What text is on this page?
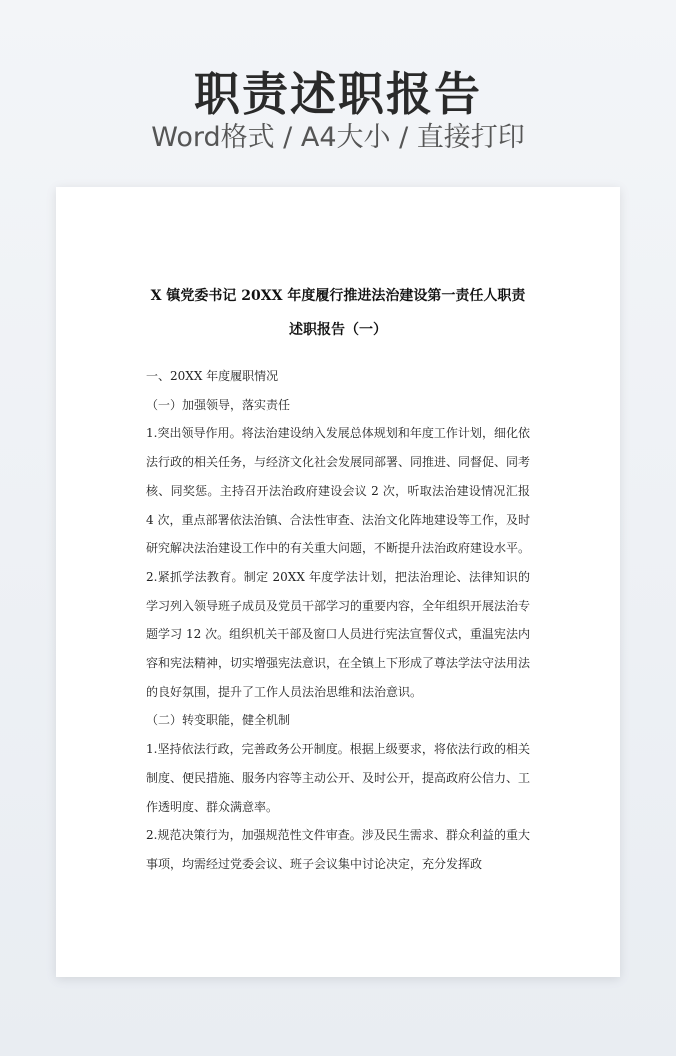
职责述职报告
Word格式 / A4大小 / 直接打印
X 镇党委书记 20XX 年度履行推进法治建设第一责任人职责
述职报告（一）

一、20XX 年度履职情况

（一）加强领导，落实责任

1.突出领导作用。将法治建设纳入发展总体规划和年度工作计划，细化依法行政的相关任务，与经济文化社会发展同部署、同推进、同督促、同考核、同奖惩。主持召开法治政府建设会议 2 次，听取法治建设情况汇报 4 次，重点部署依法治镇、合法性审查、法治文化阵地建设等工作，及时研究解决法治建设工作中的有关重大问题，不断提升法治政府建设水平。

2.紧抓学法教育。制定 20XX 年度学法计划，把法治理论、法律知识的学习列入领导班子成员及党员干部学习的重要内容，全年组织开展法治专题学习 12 次。组织机关干部及窗口人员进行宪法宣誓仪式，重温宪法内容和宪法精神，切实增强宪法意识，在全镇上下形成了尊法学法守法用法的良好氛围，提升了工作人员法治思维和法治意识。

（二）转变职能，健全机制

1.坚持依法行政，完善政务公开制度。根据上级要求，将依法行政的相关制度、便民措施、服务内容等主动公开、及时公开，提高政府公信力、工作透明度、群众满意率。

2.规范决策行为，加强规范性文件审查。涉及民生需求、群众利益的重大事项，均需经过党委会议、班子会议集中讨论决定，充分发挥政
